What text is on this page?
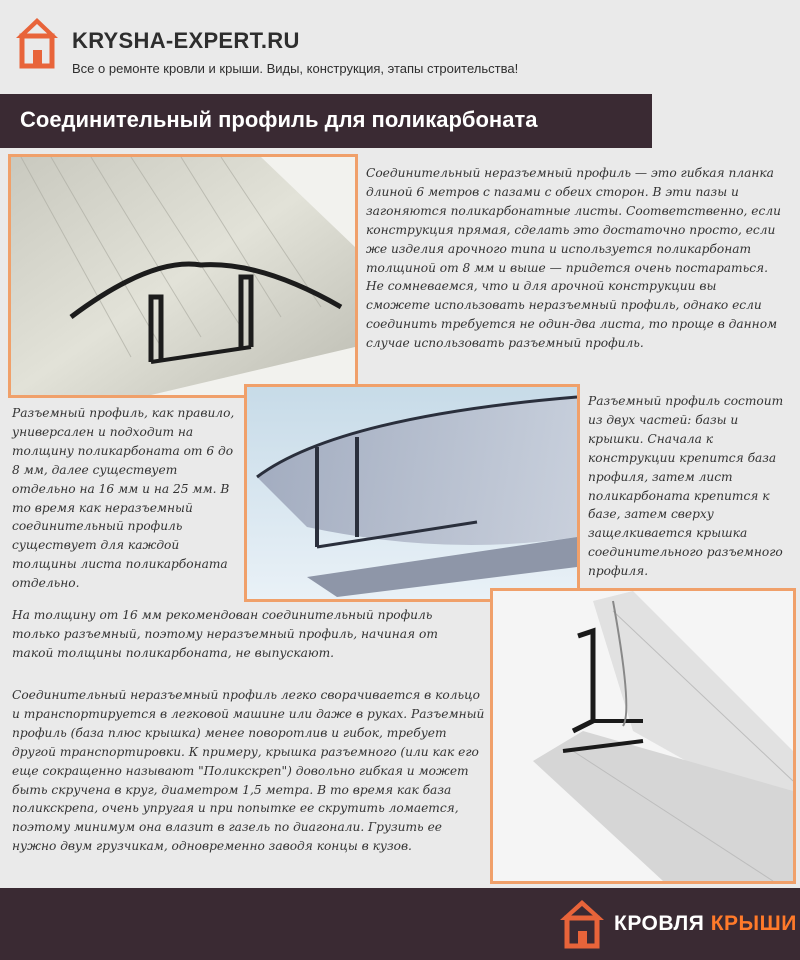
KRYSHA-EXPERT.RU
Все о ремонте кровли и крыши. Виды, конструкция, этапы строительства!
Соединительный профиль для поликарбоната
Соединительный неразъемный профиль — это гибкая планка длиной 6 метров с пазами с обеих сторон. В эти пазы и загоняются поликарбонатные листы. Соответственно, если конструкция прямая, сделать это достаточно просто, если же изделия арочного типа и используется поликарбонат толщиной от 8 мм и выше — придется очень постараться. Не сомневаемся, что и для арочной конструкции вы сможете использовать неразъемный профиль, однако если соединить требуется не один-два листа, то проще в данном случае использовать разъемный профиль.
Разъемный профиль, как правило, универсален и подходит на толщину поликарбоната от 6 до 8 мм, далее существует отдельно на 16 мм и на 25 мм. В то время как неразъемный соединительный профиль существует для каждой толщины листа поликарбоната отдельно.
Разъемный профиль состоит из двух частей: базы и крышки. Сначала к конструкции крепится база профиля, затем лист поликарбоната крепится к базе, затем сверху защелкивается крышка соединительного разъемного профиля.
На толщину от 16 мм рекомендован соединительный профиль только разъемный, поэтому неразъемный профиль, начиная от такой толщины поликарбоната, не выпускают.
Соединительный неразъемный профиль легко сворачивается в кольцо и транспортируется в легковой машине или даже в руках. Разъемный профиль (база плюс крышка) менее поворотлив и гибок, требует другой транспортировки. К примеру, крышка разъемного (или как его еще сокращенно называют "Поликскреп") довольно гибкая и может быть скручена в круг, диаметром 1,5 метра. В то время как база поликскрепа, очень упругая и при попытке ее скрутить ломается, поэтому минимум она влазит в газель по диагонали. Грузить ее нужно двум грузчикам, одновременно заводя концы в кузов.
КРОВЛЯ КРЫШИ
